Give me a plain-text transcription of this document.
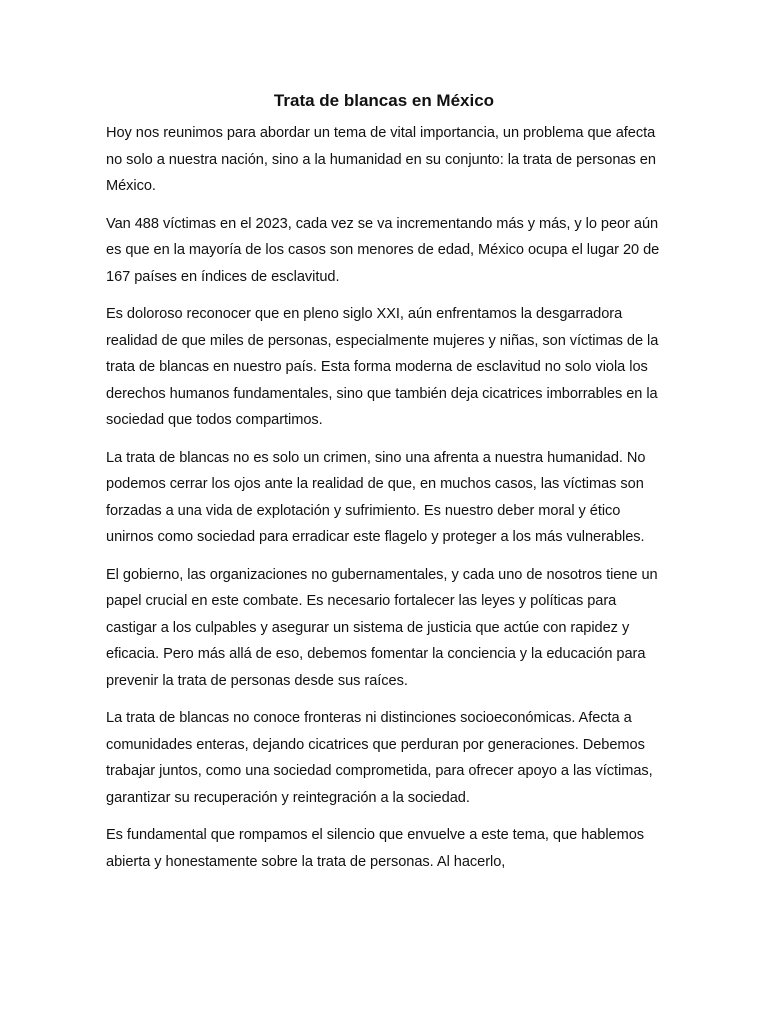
Trata de blancas en México

Hoy nos reunimos para abordar un tema de vital importancia, un problema que afecta no solo a nuestra nación, sino a la humanidad en su conjunto: la trata de personas en México.

Van 488 víctimas en el 2023, cada vez se va incrementando más y más, y lo peor aún es que en la mayoría de los casos son menores de edad, México ocupa el lugar 20 de 167 países en índices de esclavitud.

Es doloroso reconocer que en pleno siglo XXI, aún enfrentamos la desgarradora realidad de que miles de personas, especialmente mujeres y niñas, son víctimas de la trata de blancas en nuestro país. Esta forma moderna de esclavitud no solo viola los derechos humanos fundamentales, sino que también deja cicatrices imborrables en la sociedad que todos compartimos.

La trata de blancas no es solo un crimen, sino una afrenta a nuestra humanidad. No podemos cerrar los ojos ante la realidad de que, en muchos casos, las víctimas son forzadas a una vida de explotación y sufrimiento. Es nuestro deber moral y ético unirnos como sociedad para erradicar este flagelo y proteger a los más vulnerables.

El gobierno, las organizaciones no gubernamentales, y cada uno de nosotros tiene un papel crucial en este combate. Es necesario fortalecer las leyes y políticas para castigar a los culpables y asegurar un sistema de justicia que actúe con rapidez y eficacia. Pero más allá de eso, debemos fomentar la conciencia y la educación para prevenir la trata de personas desde sus raíces.

La trata de blancas no conoce fronteras ni distinciones socioeconómicas. Afecta a comunidades enteras, dejando cicatrices que perduran por generaciones. Debemos trabajar juntos, como una sociedad comprometida, para ofrecer apoyo a las víctimas, garantizar su recuperación y reintegración a la sociedad.

Es fundamental que rompamos el silencio que envuelve a este tema, que hablemos abierta y honestamente sobre la trata de personas. Al hacerlo,
